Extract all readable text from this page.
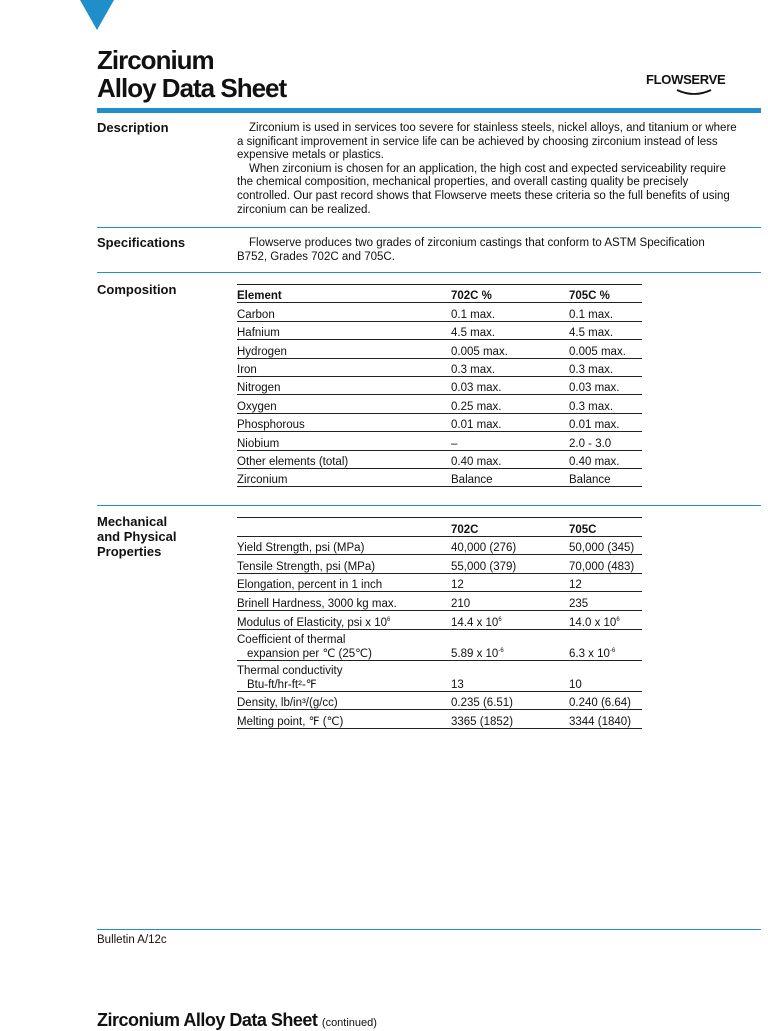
Zirconium
Alloy Data Sheet	FLOWSERVE
Description	Zirconium is used in services too severe for stainless steels, nickel alloys, and titanium or where a significant improvement in service life can be achieved by choosing zirconium instead of less expensive metals or plastics.

When zirconium is chosen for an application, the high cost and expected serviceability require the chemical composition, mechanical properties, and overall casting quality be precisely controlled. Our past record shows that Flowserve meets these criteria so the full benefits of using zirconium can be realized.

Specifications	Flowserve produces two grades of zirconium castings that conform to ASTM Specification B752, Grades 702C and 705C.

Composition	Element	702C %	705C %
Carbon	0.1 max.	0.1 max.
Hafnium	4.5 max.	4.5 max.
Hydrogen	0.005 max.	0.005 max.
Iron	0.3 max.	0.3 max.
Nitrogen	0.03 max.	0.03 max.
Oxygen	0.25 max.	0.3 max.
Phosphorous	0.01 max.	0.01 max.
Niobium	–	2.0 - 3.0
Other elements (total)	0.40 max.	0.40 max.
Zirconium	Balance	Balance
Mechanical
and Physical
Properties
	702C	705C
Yield Strength, psi (MPa)	40,000 (276)	50,000 (345)
Tensile Strength, psi (MPa)	55,000 (379)	70,000 (483)
Elongation, percent in 1 inch	12	12
Brinell Hardness, 3000 kg max.	210	235
Modulus of Elasticity, psi x $10^6$	14.4 x $10^6$	14.0 x $10^6$

Coefficient of thermal
expansion per ℃ (25℃)	5.89 x $10^{-6}$	6.3 x $10^{-6}$

Thermal conductivity
Btu-ft/hr-ft²-℉	13	10
Density, lb/in³/(g/cc)	0.235 (6.51)	0.240 (6.64)
Melting point, ℉ (℃)	3365 (1852)	3344 (1840)

Bulletin A/12c

Zirconium Alloy Data Sheet (continued)
